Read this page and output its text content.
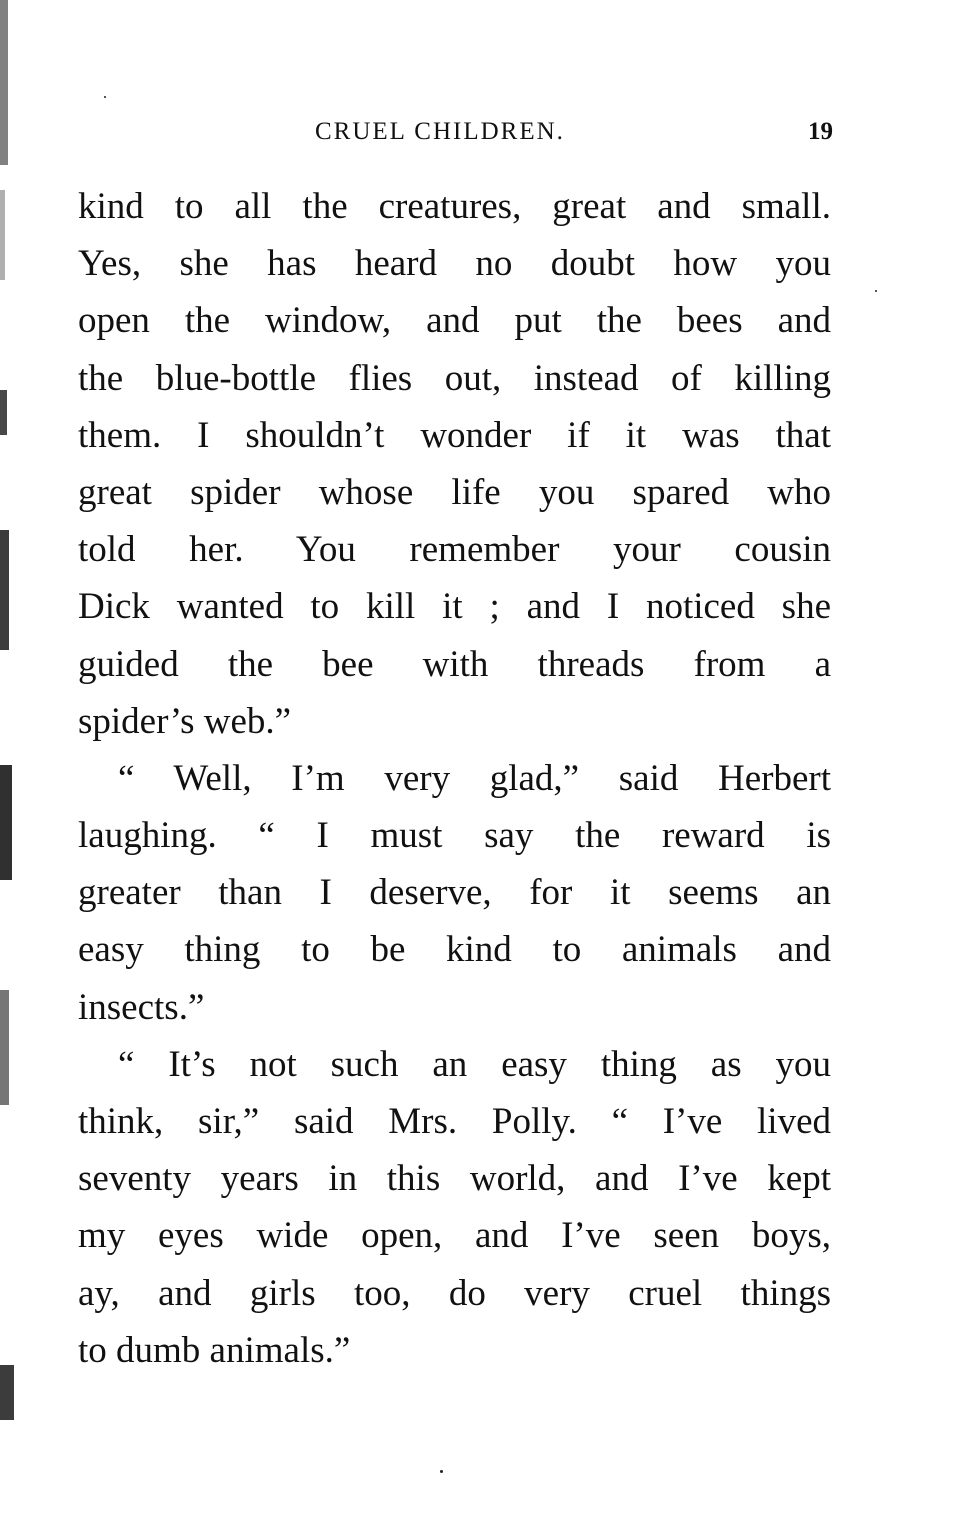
CRUEL CHILDREN.	19
kind to all the creatures, great and small.
Yes, she has heard no doubt how you
open the window, and put the bees and
the blue-bottle flies out, instead of killing
them. I shouldn’t wonder if it was that
great spider whose life you spared who
told her. You remember your cousin
Dick wanted to kill it ; and I noticed she
guided the bee with threads from a
spider’s web.”
“ Well, I’m very glad,” said Herbert
laughing. “ I must say the reward is
greater than I deserve, for it seems an
easy thing to be kind to animals and
insects.”
“ It’s not such an easy thing as you
think, sir,” said Mrs. Polly. “ I’ve lived
seventy years in this world, and I’ve kept
my eyes wide open, and I’ve seen boys,
ay, and girls too, do very cruel things
to dumb animals.”
